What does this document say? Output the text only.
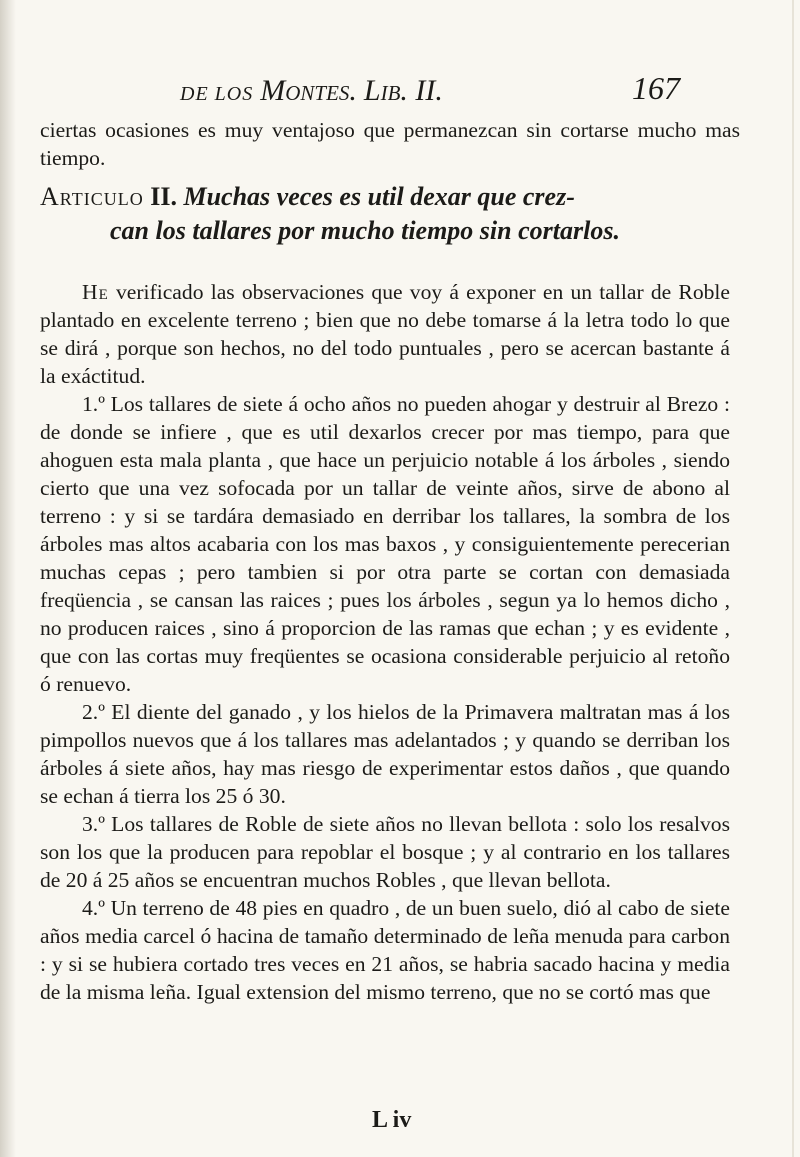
DE LOS Montes. Lib. II.	167

ciertas ocasiones es muy ventajoso que permanezcan sin cortarse mucho mas tiempo.

Articulo II. Muchas veces es util dexar que crez-
can los tallares por mucho tiempo sin cortarlos.

He verificado las observaciones que voy á exponer en un tallar de Roble plantado en excelente terreno ; bien que no debe tomarse á la letra todo lo que se dirá , porque son hechos, no del todo puntuales , pero se acercan bastante á la exáctitud.

1.º Los tallares de siete á ocho años no pueden ahogar y destruir al Brezo : de donde se infiere , que es util dexarlos crecer por mas tiempo, para que ahoguen esta mala planta , que hace un perjuicio notable á los árboles , siendo cierto que una vez sofocada por un tallar de veinte años, sirve de abono al terreno : y si se tardára demasiado en derribar los tallares, la sombra de los árboles mas altos acabaria con los mas baxos , y consiguientemente perecerian muchas cepas ; pero tambien si por otra parte se cortan con demasiada freqüencia , se cansan las raices ; pues los árboles , segun ya lo hemos dicho , no producen raices , sino á proporcion de las ramas que echan ; y es evidente , que con las cortas muy freqüentes se ocasiona considerable perjuicio al retoño ó renuevo.

2.º El diente del ganado , y los hielos de la Primavera maltratan mas á los pimpollos nuevos que á los tallares mas adelantados ; y quando se derriban los árboles á siete años, hay mas riesgo de experimentar estos daños , que quando se echan á tierra los 25 ó 30.

3.º Los tallares de Roble de siete años no llevan bellota : solo los resalvos son los que la producen para repoblar el bosque ; y al contrario en los tallares de 20 á 25 años se encuentran muchos Robles , que llevan bellota.

4.º Un terreno de 48 pies en quadro , de un buen suelo, dió al cabo de siete años media carcel ó hacina de tamaño determinado de leña menuda para carbon : y si se hubiera cortado tres veces en 21 años, se habria sacado hacina y media de la misma leña. Igual extension del mismo terreno, que no se cortó mas que

L iv
